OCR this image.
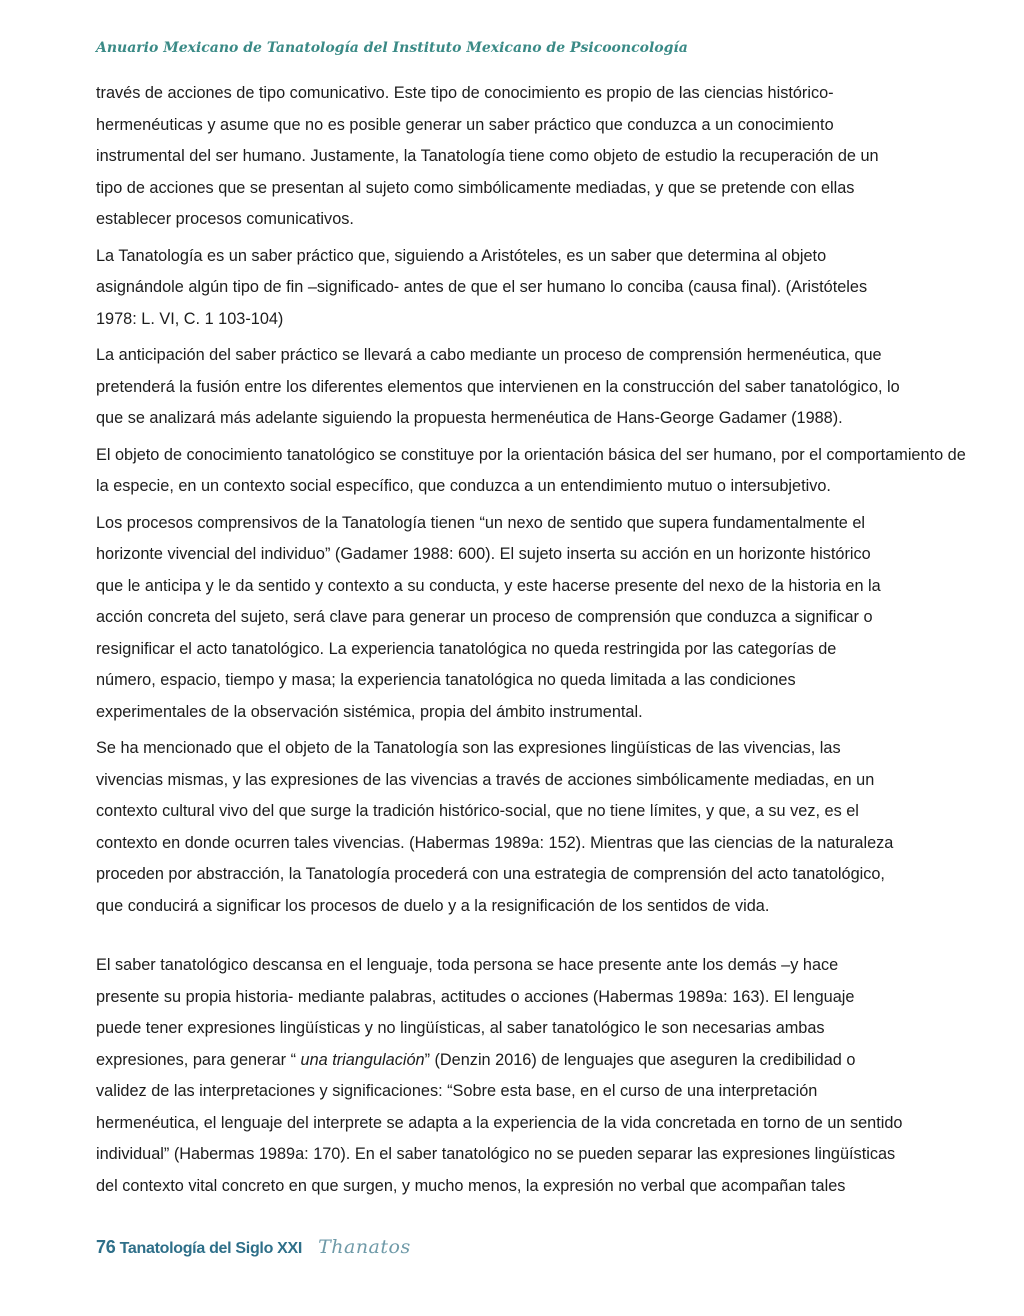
Anuario Mexicano de Tanatología del Instituto Mexicano de Psicooncología

través de acciones de tipo comunicativo. Este tipo de conocimiento es propio de las ciencias histórico-
hermenéuticas y asume que no es posible generar un saber práctico que conduzca a un conocimiento
instrumental del ser humano. Justamente, la Tanatología tiene como objeto de estudio la recuperación de un
tipo de acciones que se presentan al sujeto como simbólicamente mediadas, y que se pretende con ellas
establecer procesos comunicativos.

La Tanatología es un saber práctico que, siguiendo a Aristóteles, es un saber que determina al objeto
asignándole algún tipo de fin –significado- antes de que el ser humano lo conciba (causa final). (Aristóteles
1978: L. VI, C. 1 103-104)

La anticipación del saber práctico se llevará a cabo mediante un proceso de comprensión hermenéutica, que
pretenderá la fusión entre los diferentes elementos que intervienen en la construcción del saber tanatológico, lo
que se analizará más adelante siguiendo la propuesta hermenéutica de Hans-George Gadamer (1988).

El objeto de conocimiento tanatológico se constituye por la orientación básica del ser humano, por el comportamiento de
la especie, en un contexto social específico, que conduzca a un entendimiento mutuo o intersubjetivo.

Los procesos comprensivos de la Tanatología tienen “un nexo de sentido que supera fundamentalmente el
horizonte vivencial del individuo” (Gadamer 1988: 600). El sujeto inserta su acción en un horizonte histórico
que le anticipa y le da sentido y contexto a su conducta, y este hacerse presente del nexo de la historia en la
acción concreta del sujeto, será clave para generar un proceso de comprensión que conduzca a significar o
resignificar el acto tanatológico. La experiencia tanatológica no queda restringida por las categorías de
número, espacio, tiempo y masa; la experiencia tanatológica no queda limitada a las condiciones
experimentales de la observación sistémica, propia del ámbito instrumental.

Se ha mencionado que el objeto de la Tanatología son las expresiones lingüísticas de las vivencias, las
vivencias mismas, y las expresiones de las vivencias a través de acciones simbólicamente mediadas, en un
contexto cultural vivo del que surge la tradición histórico-social, que no tiene límites, y que, a su vez, es el
contexto en donde ocurren tales vivencias. (Habermas 1989a: 152). Mientras que las ciencias de la naturaleza
proceden por abstracción, la Tanatología procederá con una estrategia de comprensión del acto tanatológico,
que conducirá a significar los procesos de duelo y a la resignificación de los sentidos de vida.

El saber tanatológico descansa en el lenguaje, toda persona se hace presente ante los demás –y hace
presente su propia historia- mediante palabras, actitudes o acciones (Habermas 1989a: 163). El lenguaje
puede tener expresiones lingüísticas y no lingüísticas, al saber tanatológico le son necesarias ambas
expresiones, para generar “ una triangulación” (Denzin 2016) de lenguajes que aseguren la credibilidad o
validez de las interpretaciones y significaciones: “Sobre esta base, en el curso de una interpretación
hermenéutica, el lenguaje del interprete se adapta a la experiencia de la vida concretada en torno de un sentido
individual” (Habermas 1989a: 170). En el saber tanatológico no se pueden separar las expresiones lingüísticas
del contexto vital concreto en que surgen, y mucho menos, la expresión no verbal que acompañan tales

76 Tanatología del Siglo XXI Thanatos
